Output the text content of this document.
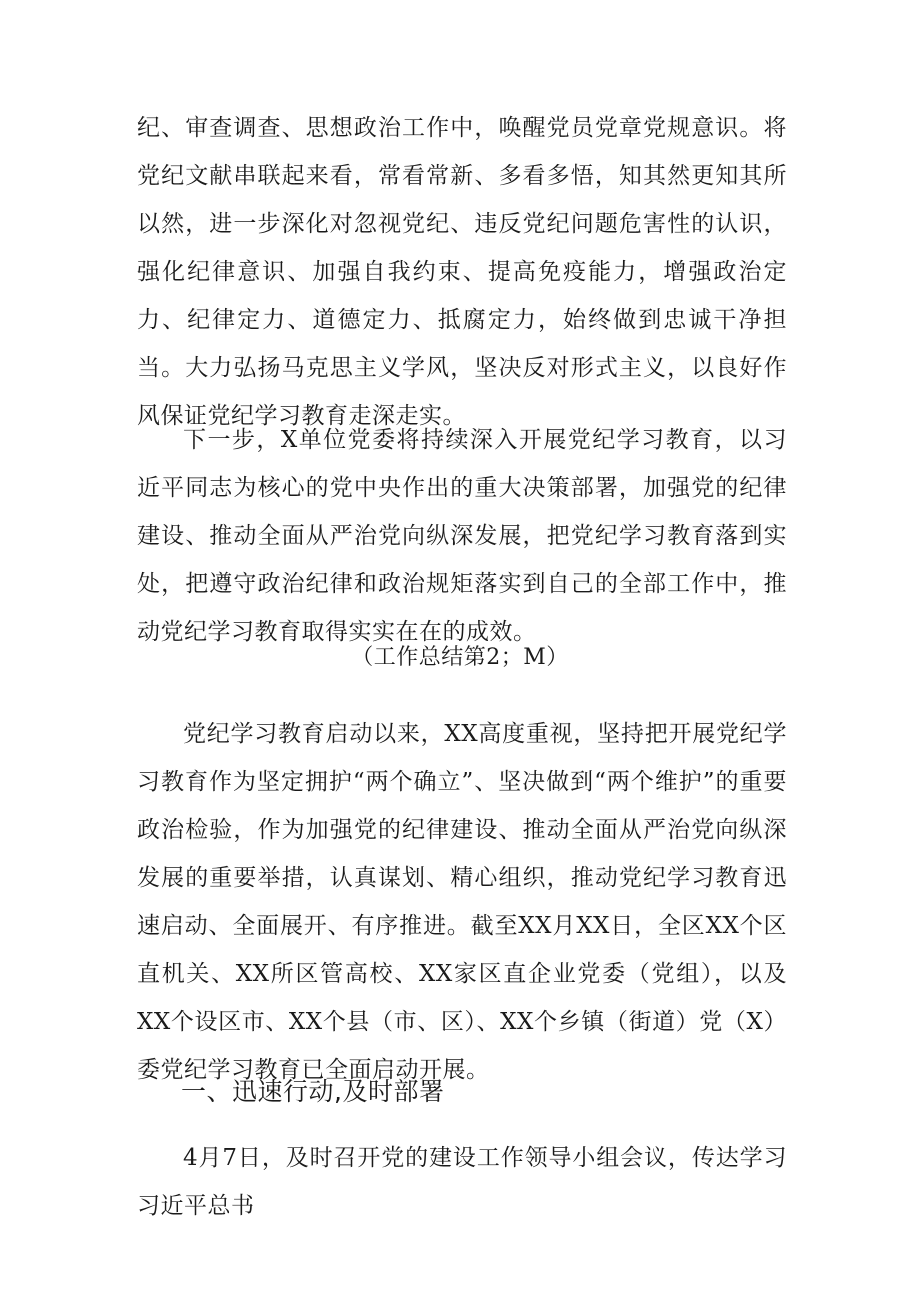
纪、审查调查、思想政治工作中，唤醒党员党章党规意识。将党纪文献串联起来看，常看常新、多看多悟，知其然更知其所以然，进一步深化对忽视党纪、违反党纪问题危害性的认识，强化纪律意识、加强自我约束、提高免疫能力，增强政治定力、纪律定力、道德定力、抵腐定力，始终做到忠诚干净担当。大力弘扬马克思主义学风，坚决反对形式主义，以良好作风保证党纪学习教育走深走实。

下一步，X单位党委将持续深入开展党纪学习教育，以习近平同志为核心的党中央作出的重大决策部署，加强党的纪律建设、推动全面从严治党向纵深发展，把党纪学习教育落到实处，把遵守政治纪律和政治规矩落实到自己的全部工作中，推动党纪学习教育取得实实在在的成效。

（工作总结第2；M）

党纪学习教育启动以来，XX高度重视，坚持把开展党纪学习教育作为坚定拥护“两个确立”、坚决做到“两个维护”的重要政治检验，作为加强党的纪律建设、推动全面从严治党向纵深发展的重要举措，认真谋划、精心组织，推动党纪学习教育迅速启动、全面展开、有序推进。截至XX月XX日，全区XX个区直机关、XX所区管高校、XX家区直企业党委（党组），以及XX个设区市、XX个县（市、区）、XX个乡镇（街道）党（X）委党纪学习教育已全面启动开展。

一、迅速行动,及时部署

4月7日，及时召开党的建设工作领导小组会议，传达学习习近平总书
